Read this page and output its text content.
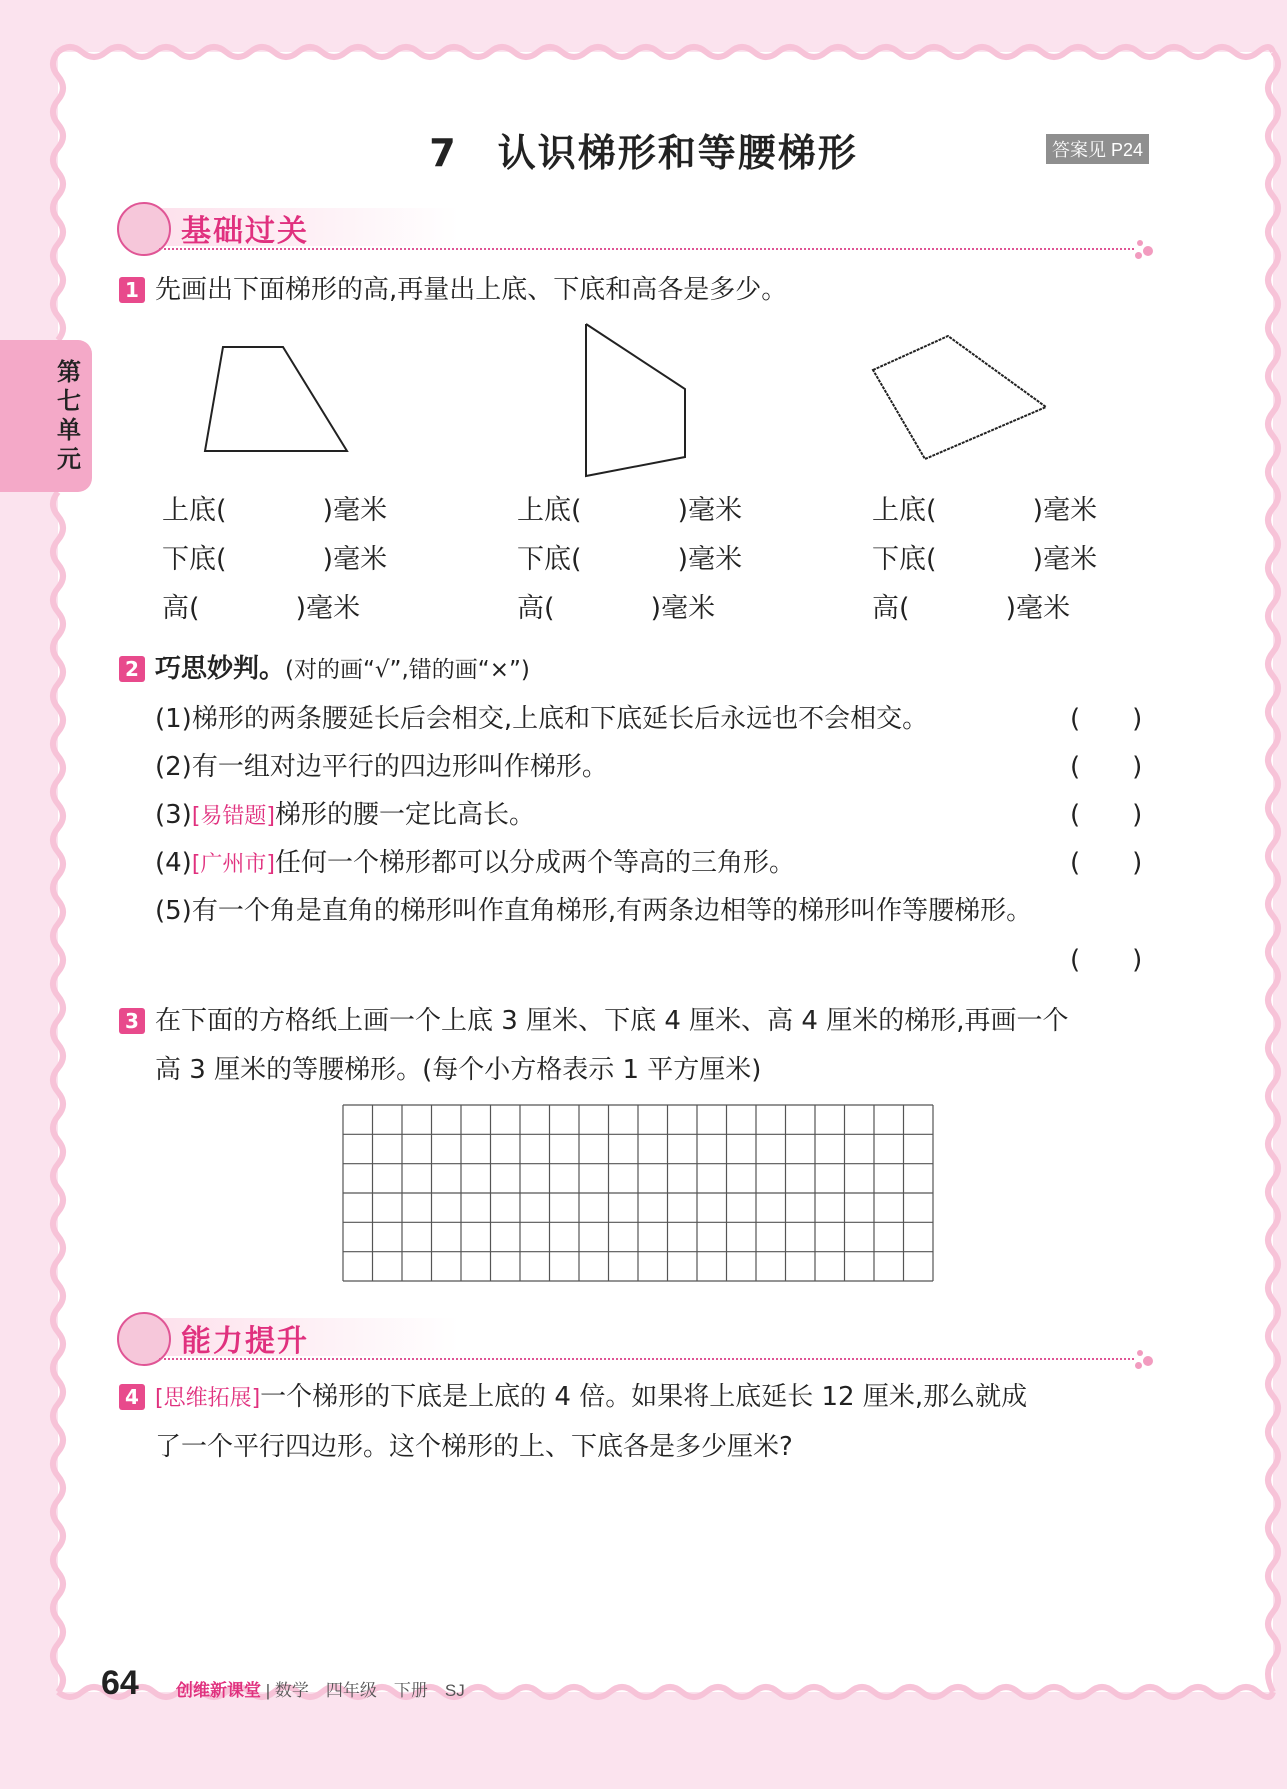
7　认识梯形和等腰梯形	答案见 P24
第七单元
基础过关
1 先画出下面梯形的高,再量出上底、下底和高各是多少。
上底(	)毫米
下底(	)毫米
高(	)毫米
上底(	)毫米
下底(	)毫米
高(	)毫米
上底(	)毫米
下底(	)毫米
高(	)毫米
2 巧思妙判。(对的画“√”,错的画“×”)
(1)梯形的两条腰延长后会相交,上底和下底延长后永远也不会相交。	(　　)
(2)有一组对边平行的四边形叫作梯形。	(　　)
(3)[易错题]梯形的腰一定比高长。	(　　)
(4)[广州市]任何一个梯形都可以分成两个等高的三角形。	(　　)
(5)有一个角是直角的梯形叫作直角梯形,有两条边相等的梯形叫作等腰梯形。
(　　)
3 在下面的方格纸上画一个上底 3 厘米、下底 4 厘米、高 4 厘米的梯形,再画一个
高 3 厘米的等腰梯形。(每个小方格表示 1 平方厘米)
能力提升
4 [思维拓展]一个梯形的下底是上底的 4 倍。如果将上底延长 12 厘米,那么就成
了一个平行四边形。这个梯形的上、下底各是多少厘米?
64 创维新课堂 | 数学　四年级　下册　SJ
